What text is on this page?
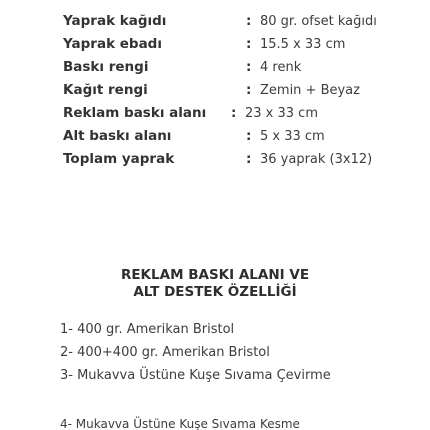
Yaprak kağıdı	: 80 gr. ofset kağıdı
Yaprak ebadı	: 15.5 x 33 cm
Baskı rengi	: 4 renk
Kağıt rengi	: Zemin + Beyaz
Reklam baskı alanı : 23 x 33 cm
Alt baskı alanı	: 5 x 33 cm
Toplam yaprak	: 36 yaprak (3x12)
REKLAM BASKI ALANI VE
ALT DESTEK ÖZELLİĞİ
1- 400 gr. Amerikan Bristol
2- 400+400 gr. Amerikan Bristol
3- Mukavva Üstüne Kuşe Sıvama Çevirme
4- Mukavva Üstüne Kuşe Sıvama Kesme
